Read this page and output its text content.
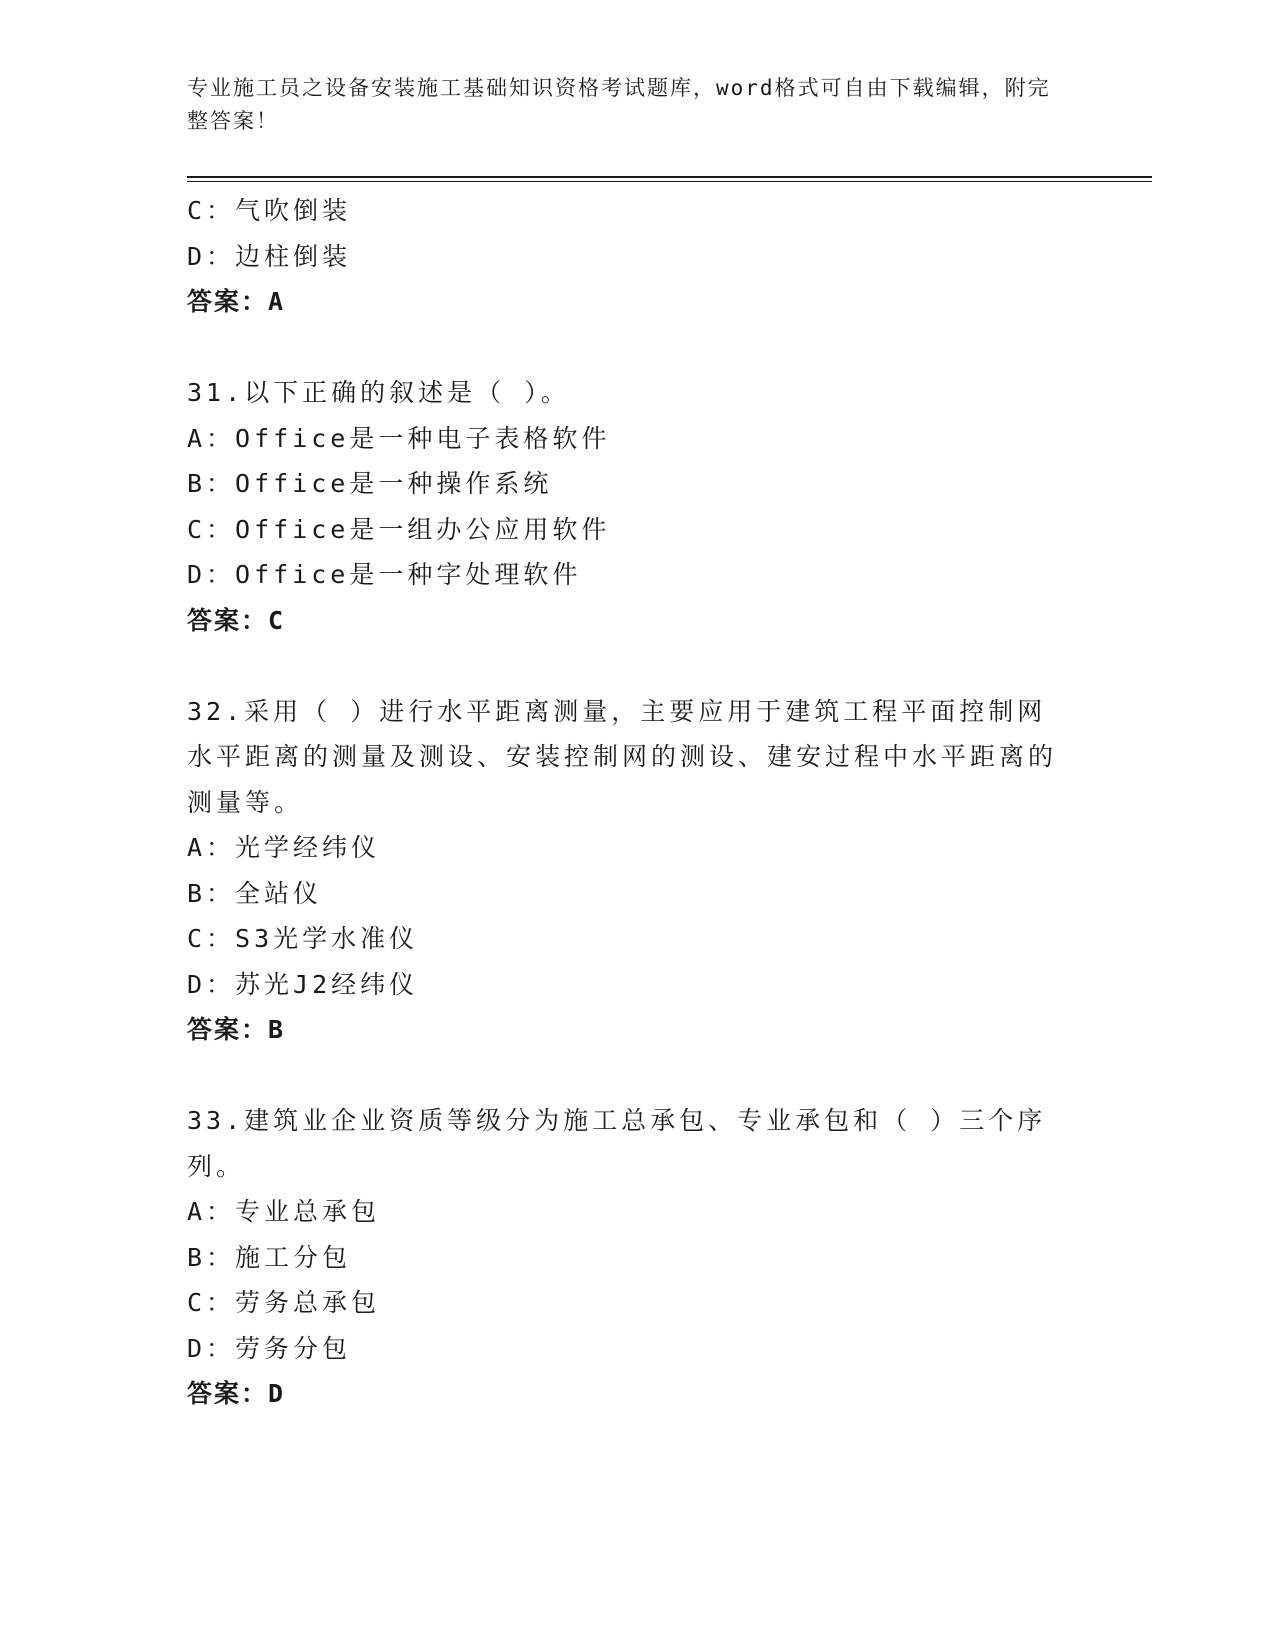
专业施工员之设备安装施工基础知识资格考试题库，word格式可自由下载编辑，附完整答案！
C：气吹倒装
D：边柱倒装
答案：A
31.以下正确的叙述是（ ）。
A：Office是一种电子表格软件
B：Office是一种操作系统
C：Office是一组办公应用软件
D：Office是一种字处理软件
答案：C
32.采用（ ）进行水平距离测量，主要应用于建筑工程平面控制网水平距离的测量及测设、安装控制网的测设、建安过程中水平距离的测量等。
A：光学经纬仪
B：全站仪
C：S3光学水准仪
D：苏光J2经纬仪
答案：B
33.建筑业企业资质等级分为施工总承包、专业承包和（ ）三个序列。
A：专业总承包
B：施工分包
C：劳务总承包
D：劳务分包
答案：D
